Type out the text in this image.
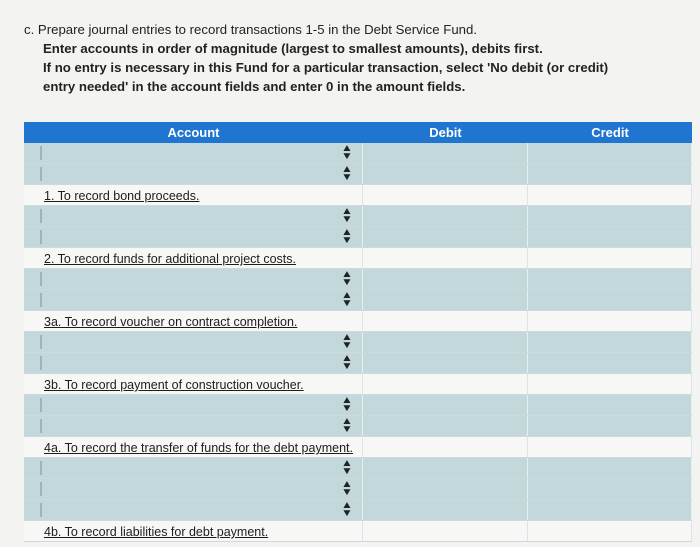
c. Prepare journal entries to record transactions 1-5 in the Debt Service Fund.

Enter accounts in order of magnitude (largest to smallest amounts), debits first.

If no entry is necessary in this Fund for a particular transaction, select 'No debit (or credit)

entry needed' in the account fields and enter 0 in the amount fields.

Account	Debit	Credit
▲
▼
▲
▼
1. To record bond proceeds.
▲
▼
▲
▼
2. To record funds for additional project costs.
▲
▼
▲
▼
3a. To record voucher on contract completion.
▲
▼
▲
▼
3b. To record payment of construction voucher.
▲
▼
▲
▼
4a. To record the transfer of funds for the debt payment.
▲
▼
▲
▼
▲
▼
4b. To record liabilities for debt payment.
